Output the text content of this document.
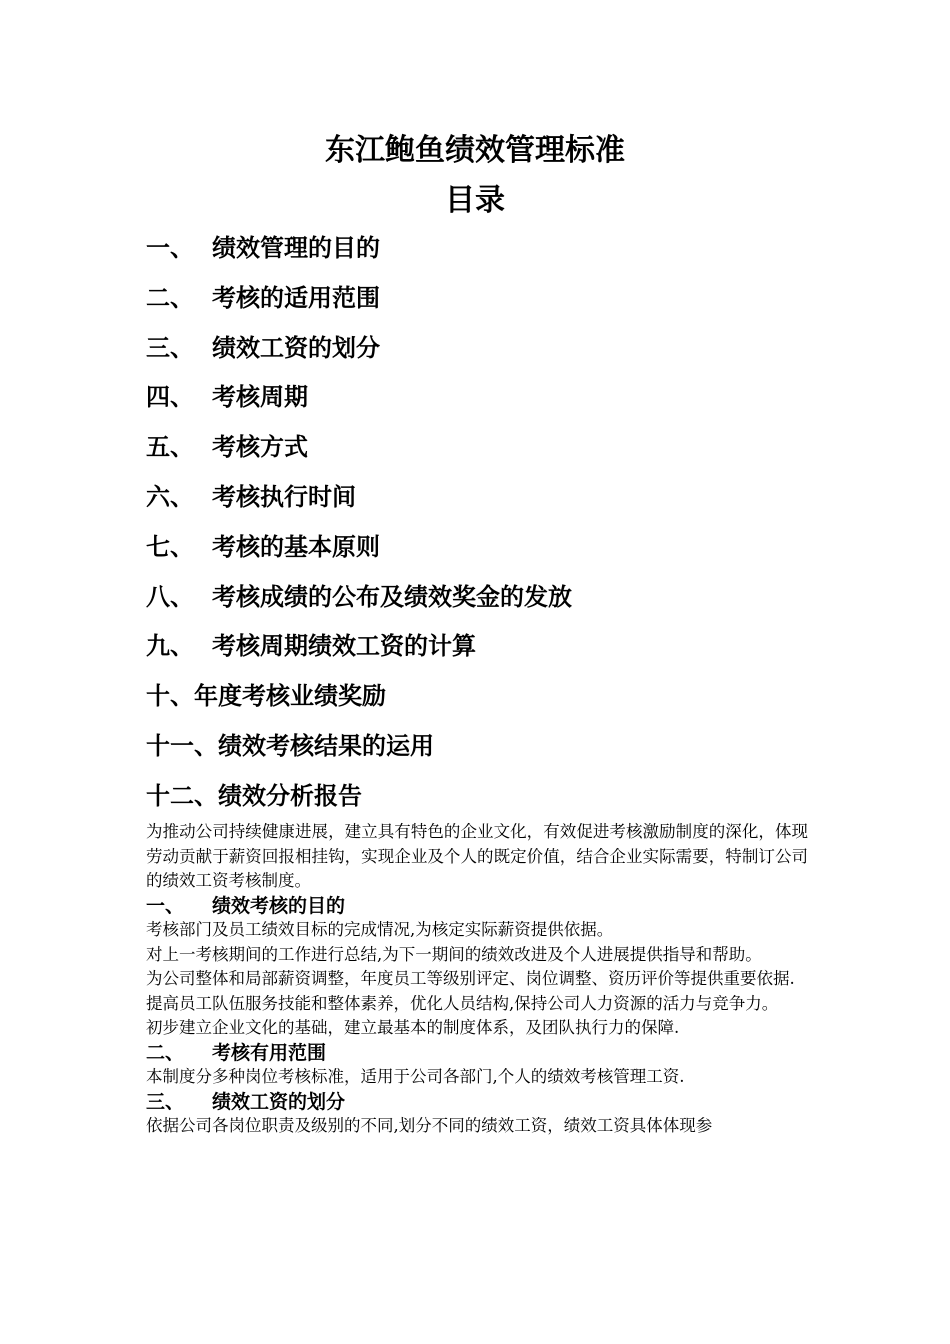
东江鲍鱼绩效管理标准
目录
一、 绩效管理的目的
二、 考核的适用范围
三、 绩效工资的划分
四、 考核周期
五、 考核方式
六、 考核执行时间
七、 考核的基本原则
八、 考核成绩的公布及绩效奖金的发放
九、 考核周期绩效工资的计算
十、 年度考核业绩奖励
十一、 绩效考核结果的运用
十二、 绩效分析报告

为推动公司持续健康进展，建立具有特色的企业文化，有效促进考核激励制度的深化，体现劳动贡献于薪资回报相挂钩，实现企业及个人的既定价值，结合企业实际需要，特制订公司的绩效工资考核制度。

一、	绩效考核的目的

考核部门及员工绩效目标的完成情况,为核定实际薪资提供依据。

对上一考核期间的工作进行总结,为下一期间的绩效改进及个人进展提供指导和帮助。

为公司整体和局部薪资调整，年度员工等级别评定、岗位调整、资历评价等提供重要依据.

提高员工队伍服务技能和整体素养，优化人员结构,保持公司人力资源的活力与竞争力。

初步建立企业文化的基础，建立最基本的制度体系，及团队执行力的保障.

二、	考核有用范围

本制度分多种岗位考核标准，适用于公司各部门,个人的绩效考核管理工资.

三、	绩效工资的划分

依据公司各岗位职责及级别的不同,划分不同的绩效工资，绩效工资具体体现参
